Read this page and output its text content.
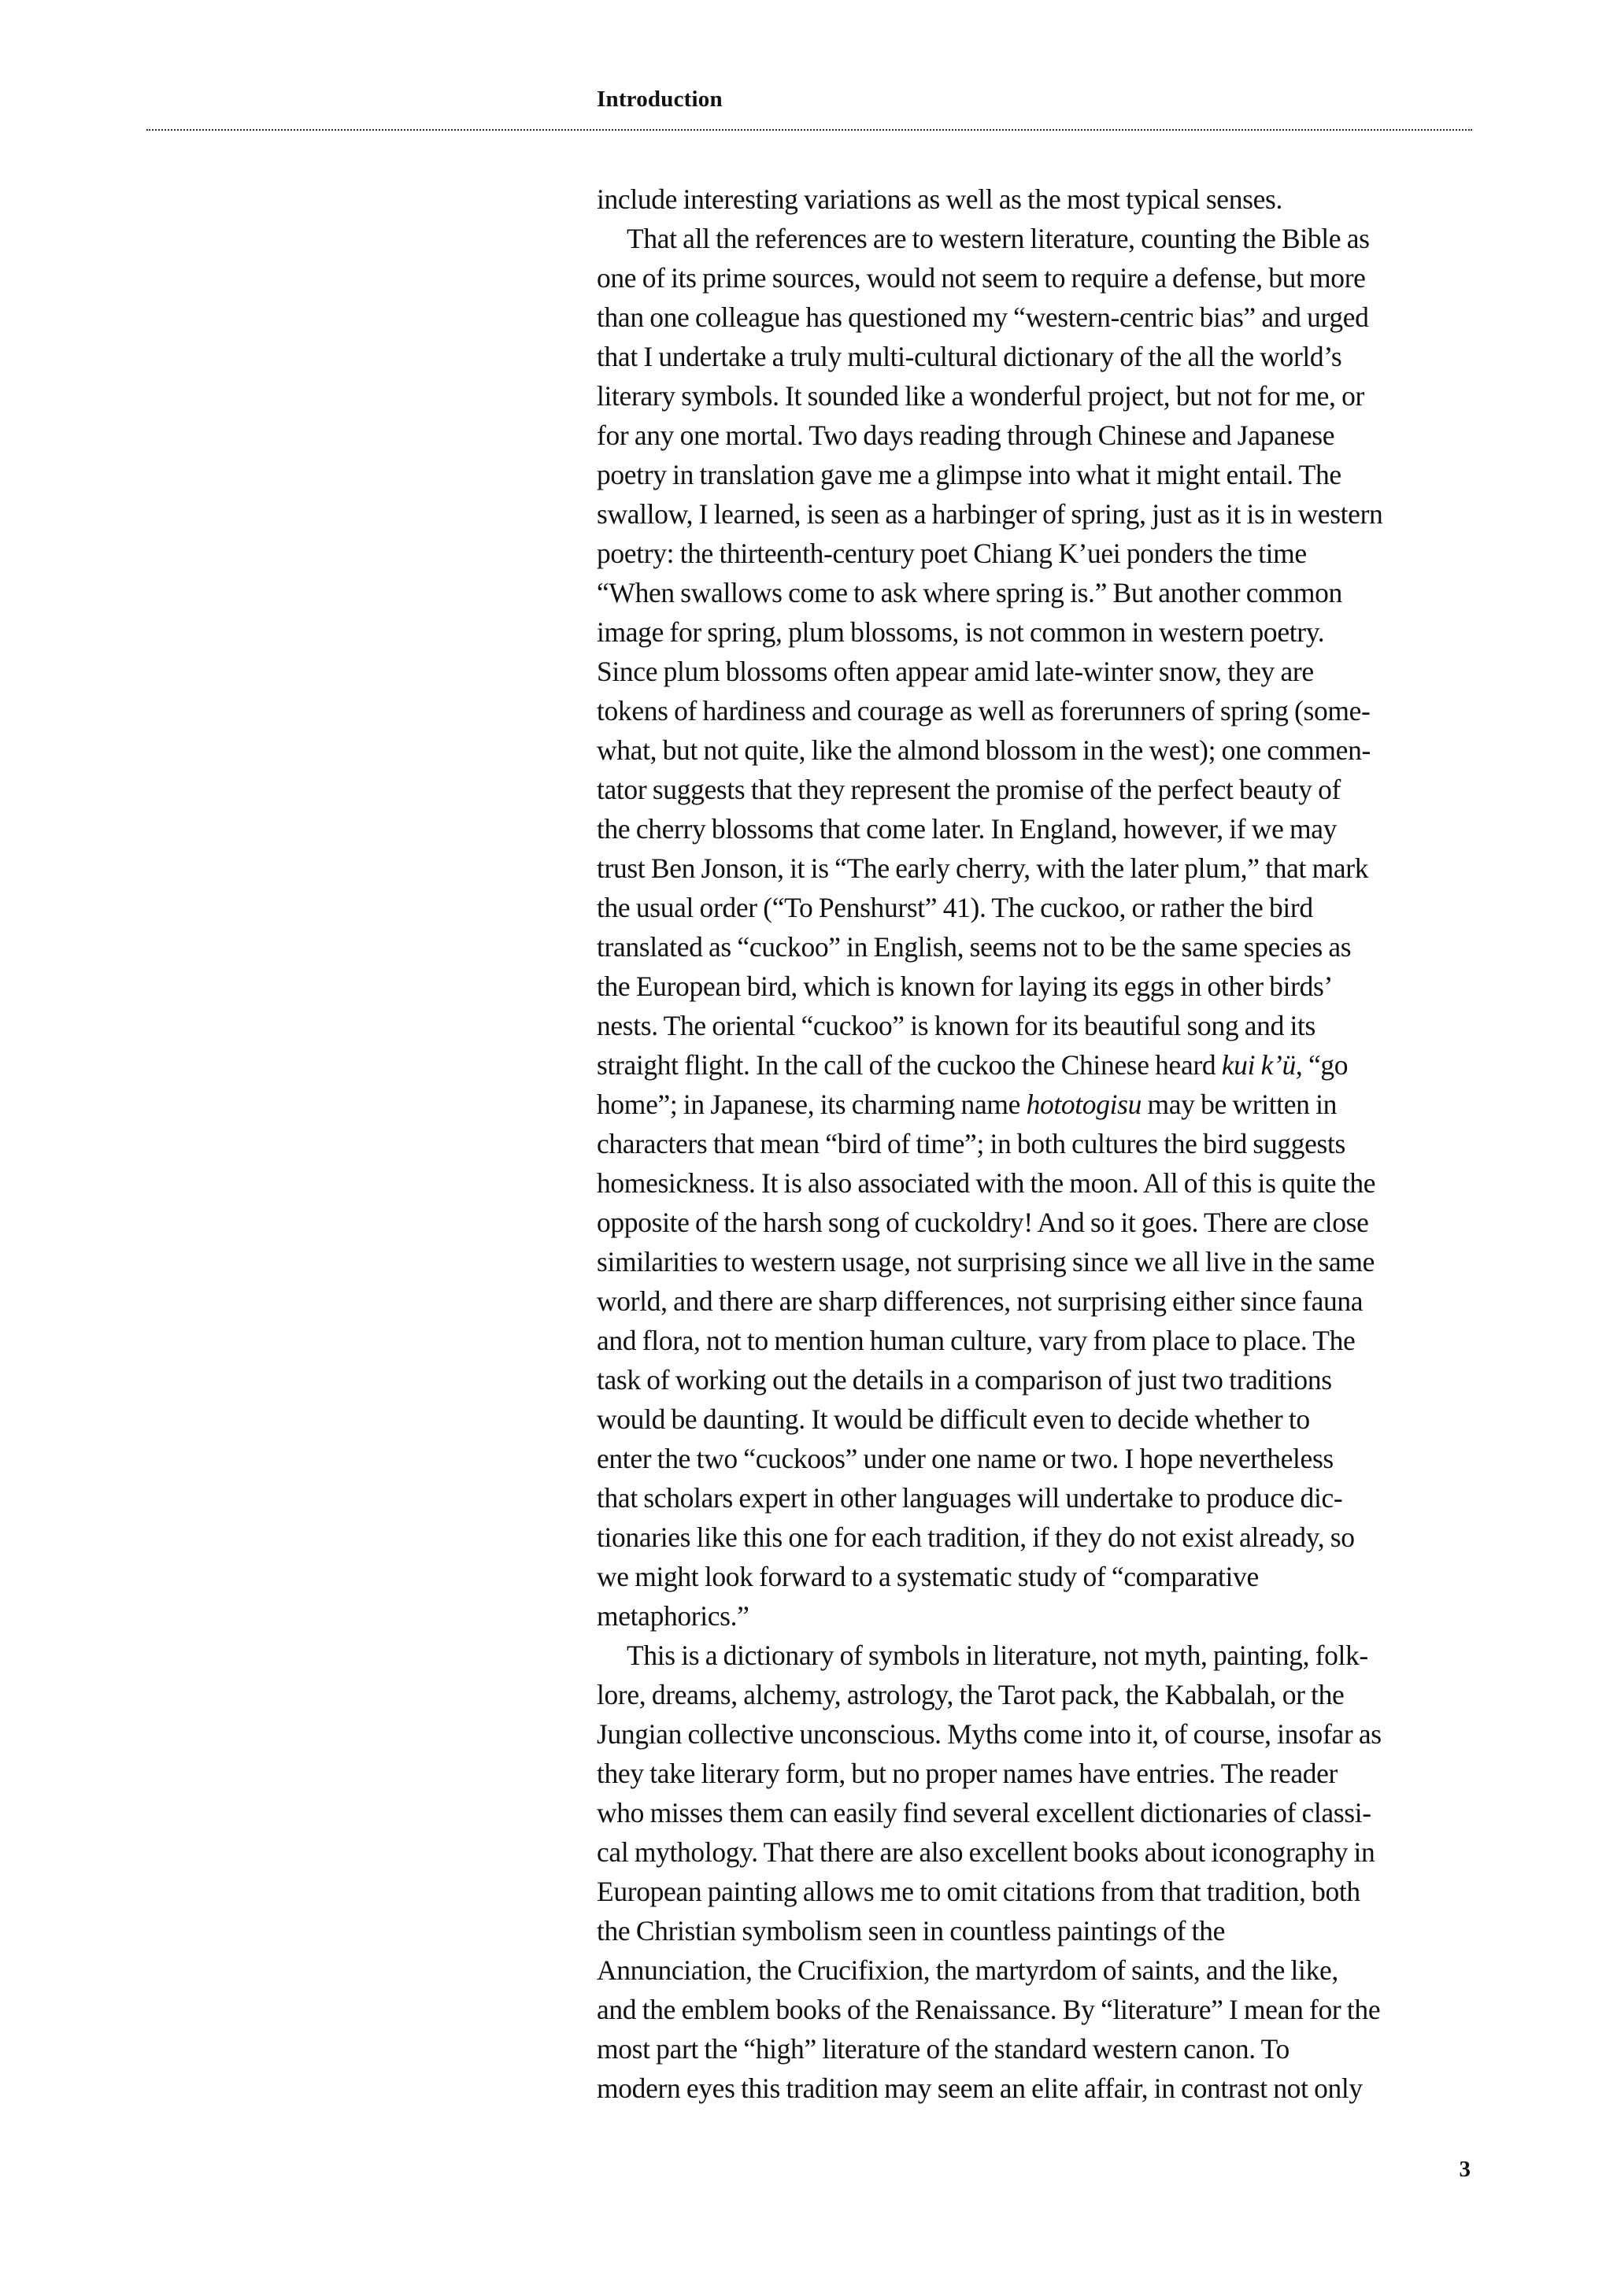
Introduction
include interesting variations as well as the most typical senses.
That all the references are to western literature, counting the Bible as
one of its prime sources, would not seem to require a defense, but more
than one colleague has questioned my “western-centric bias” and urged
that I undertake a truly multi-cultural dictionary of the all the world’s
literary symbols. It sounded like a wonderful project, but not for me, or
for any one mortal. Two days reading through Chinese and Japanese
poetry in translation gave me a glimpse into what it might entail. The
swallow, I learned, is seen as a harbinger of spring, just as it is in western
poetry: the thirteenth-century poet Chiang K’uei ponders the time
“When swallows come to ask where spring is.” But another common
image for spring, plum blossoms, is not common in western poetry.
Since plum blossoms often appear amid late-winter snow, they are
tokens of hardiness and courage as well as forerunners of spring (some-
what, but not quite, like the almond blossom in the west); one commen-
tator suggests that they represent the promise of the perfect beauty of
the cherry blossoms that come later. In England, however, if we may
trust Ben Jonson, it is “The early cherry, with the later plum,” that mark
the usual order (“To Penshurst” 41). The cuckoo, or rather the bird
translated as “cuckoo” in English, seems not to be the same species as
the European bird, which is known for laying its eggs in other birds’
nests. The oriental “cuckoo” is known for its beautiful song and its
straight flight. In the call of the cuckoo the Chinese heard kui k’ü, “go
home”; in Japanese, its charming name hototogisu may be written in
characters that mean “bird of time”; in both cultures the bird suggests
homesickness. It is also associated with the moon. All of this is quite the
opposite of the harsh song of cuckoldry! And so it goes. There are close
similarities to western usage, not surprising since we all live in the same
world, and there are sharp differences, not surprising either since fauna
and flora, not to mention human culture, vary from place to place. The
task of working out the details in a comparison of just two traditions
would be daunting. It would be difficult even to decide whether to
enter the two “cuckoos” under one name or two. I hope nevertheless
that scholars expert in other languages will undertake to produce dic-
tionaries like this one for each tradition, if they do not exist already, so
we might look forward to a systematic study of “comparative
metaphorics.”
This is a dictionary of symbols in literature, not myth, painting, folk-
lore, dreams, alchemy, astrology, the Tarot pack, the Kabbalah, or the
Jungian collective unconscious. Myths come into it, of course, insofar as
they take literary form, but no proper names have entries. The reader
who misses them can easily find several excellent dictionaries of classi-
cal mythology. That there are also excellent books about iconography in
European painting allows me to omit citations from that tradition, both
the Christian symbolism seen in countless paintings of the
Annunciation, the Crucifixion, the martyrdom of saints, and the like,
and the emblem books of the Renaissance. By “literature” I mean for the
most part the “high” literature of the standard western canon. To
modern eyes this tradition may seem an elite affair, in contrast not only
3
